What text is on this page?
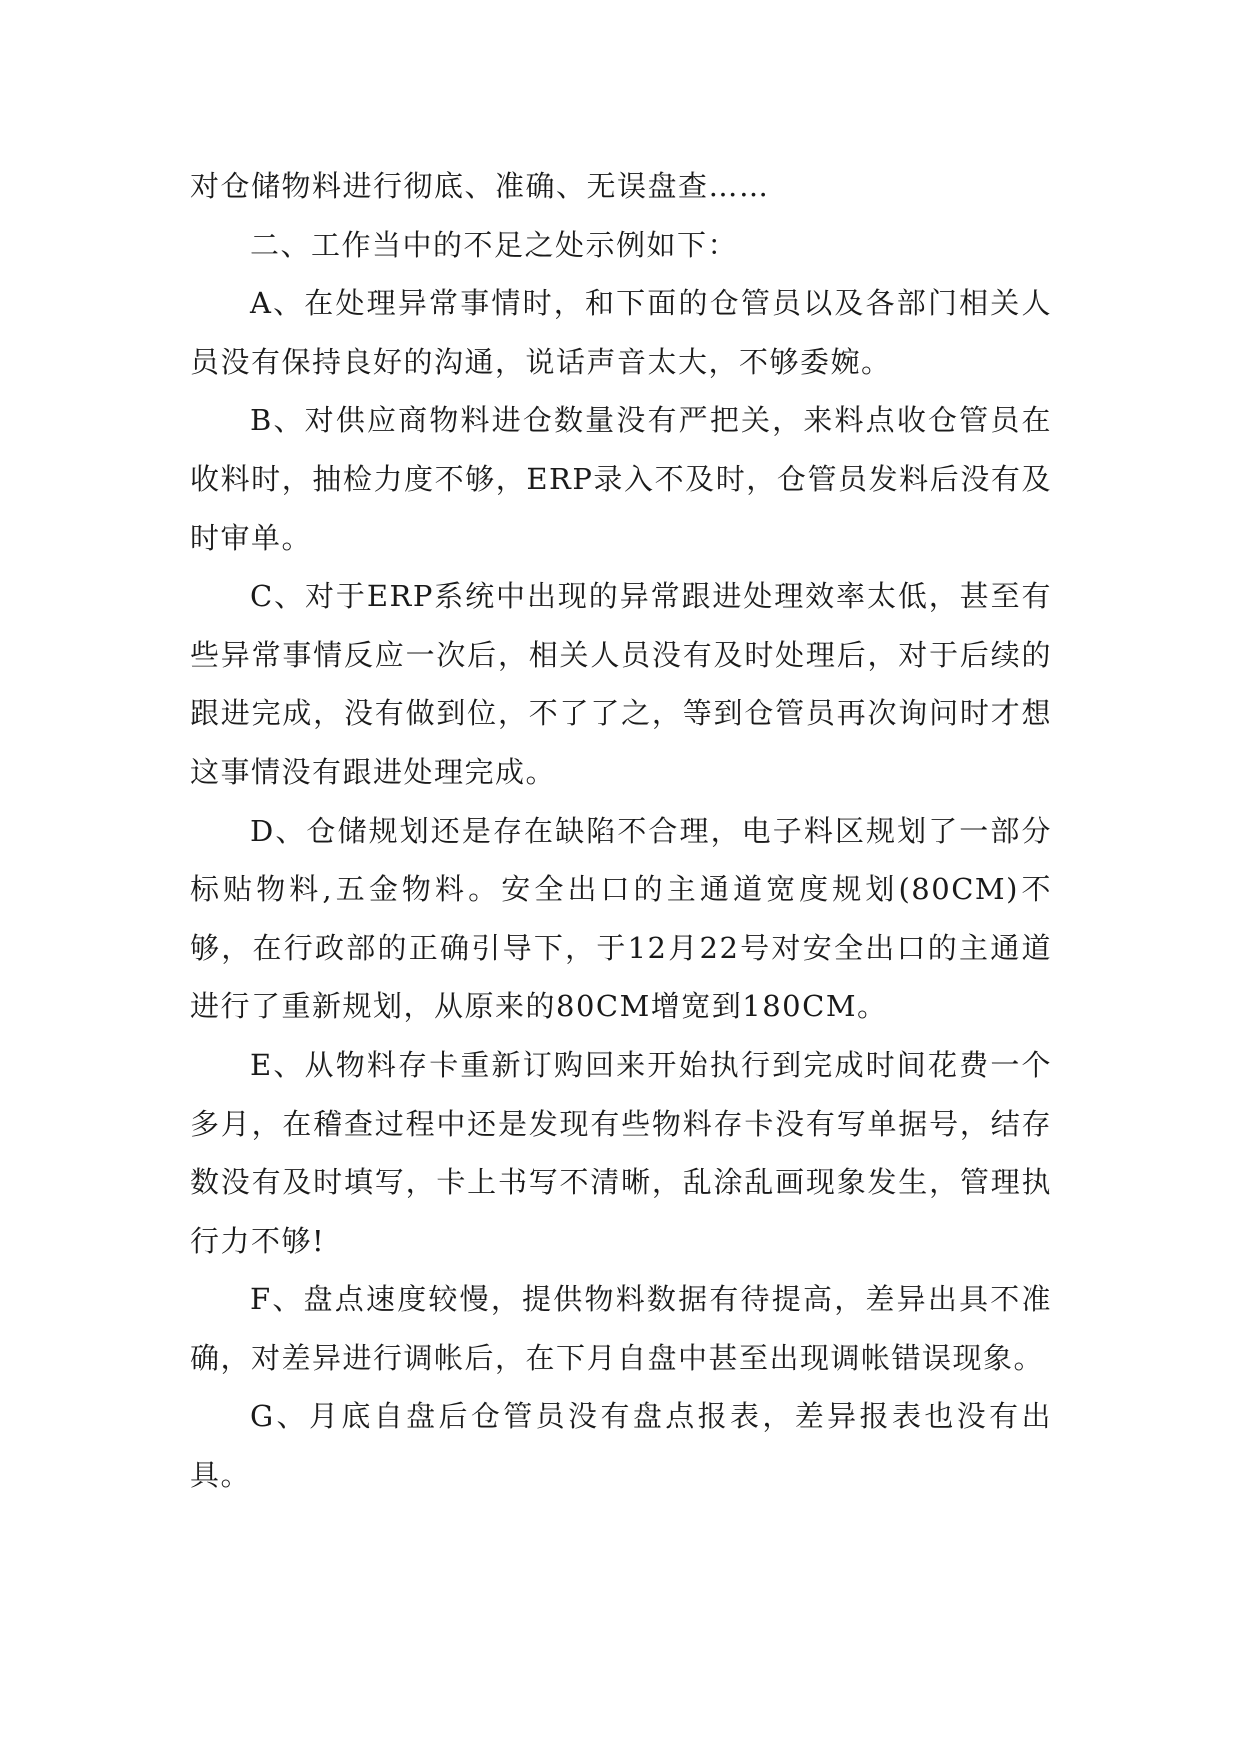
对仓储物料进行彻底、准确、无误盘查……

二、工作当中的不足之处示例如下：

A、在处理异常事情时，和下面的仓管员以及各部门相关人员没有保持良好的沟通，说话声音太大，不够委婉。

B、对供应商物料进仓数量没有严把关，来料点收仓管员在收料时，抽检力度不够，ERP录入不及时，仓管员发料后没有及时审单。

C、对于ERP系统中出现的异常跟进处理效率太低，甚至有些异常事情反应一次后，相关人员没有及时处理后，对于后续的跟进完成，没有做到位，不了了之，等到仓管员再次询问时才想这事情没有跟进处理完成。

D、仓储规划还是存在缺陷不合理，电子料区规划了一部分标贴物料,五金物料。安全出口的主通道宽度规划(80CM)不够，在行政部的正确引导下，于12月22号对安全出口的主通道进行了重新规划，从原来的80CM增宽到180CM。

E、从物料存卡重新订购回来开始执行到完成时间花费一个多月，在稽查过程中还是发现有些物料存卡没有写单据号，结存数没有及时填写，卡上书写不清晰，乱涂乱画现象发生，管理执行力不够!

F、盘点速度较慢，提供物料数据有待提高，差异出具不准确，对差异进行调帐后，在下月自盘中甚至出现调帐错误现象。

G、月底自盘后仓管员没有盘点报表，差异报表也没有出具。
